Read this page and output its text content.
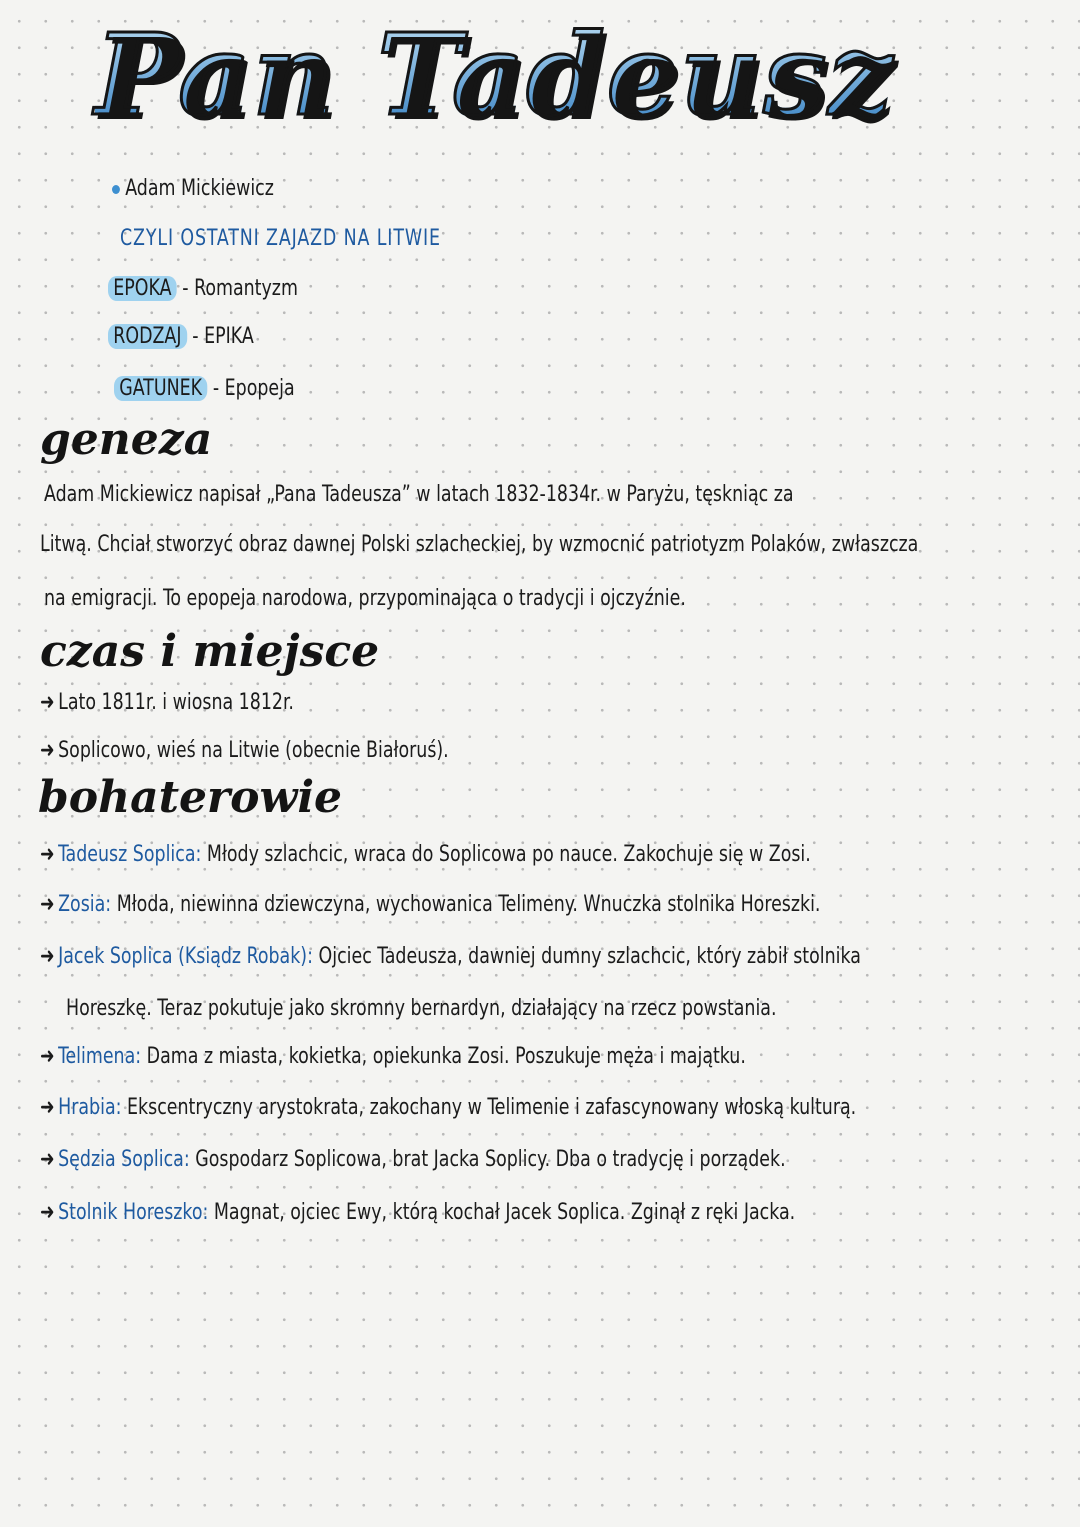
Pan Tadeusz
Adam Mickiewicz
CZYLI OSTATNI ZAJAZD NA LITWIE
EPOKA - Romantyzm
RODZAJ - EPIKA
GATUNEK - Epopeja
geneza
Adam Mickiewicz napisał „Pana Tadeusza” w latach 1832-1834r. w Paryżu, tęskniąc za
Litwą. Chciał stworzyć obraz dawnej Polski szlacheckiej, by wzmocnić patriotyzm Polaków, zwłaszcza
na emigracji. To epopeja narodowa, przypominająca o tradycji i ojczyźnie.
czas i miejsce
➜ Lato 1811r. i wiosna 1812r.
➜ Soplicowo, wieś na Litwie (obecnie Białoruś).
bohaterowie
➜ Tadeusz Soplica: Młody szlachcic, wraca do Soplicowa po nauce. Zakochuje się w Zosi.
➜ Zosia: Młoda, niewinna dziewczyna, wychowanica Telimeny. Wnuczka stolnika Horeszki.
➜ Jacek Soplica (Ksiądz Robak): Ojciec Tadeusza, dawniej dumny szlachcic, który zabił stolnika
Horeszkę. Teraz pokutuje jako skromny bernardyn, działający na rzecz powstania.
➜ Telimena: Dama z miasta, kokietka, opiekunka Zosi. Poszukuje męża i majątku.
➜ Hrabia: Ekscentryczny arystokrata, zakochany w Telimenie i zafascynowany włoską kulturą.
➜ Sędzia Soplica: Gospodarz Soplicowa, brat Jacka Soplicy. Dba o tradycję i porządek.
➜ Stolnik Horeszko: Magnat, ojciec Ewy, którą kochał Jacek Soplica. Zginął z ręki Jacka.
